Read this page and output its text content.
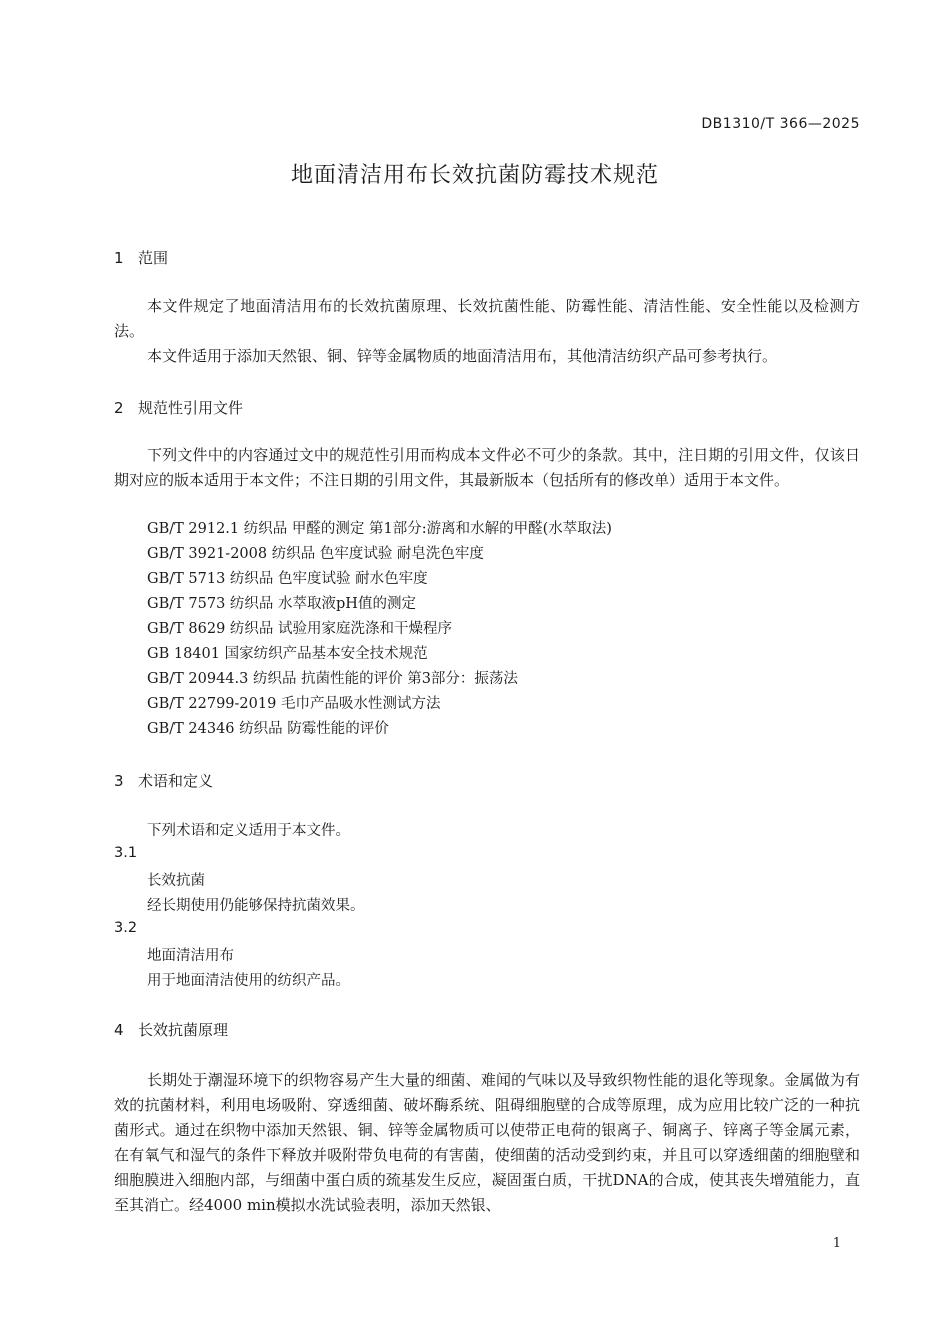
DB1310/T 366—2025
地面清洁用布长效抗菌防霉技术规范
1 范围
本文件规定了地面清洁用布的长效抗菌原理、长效抗菌性能、防霉性能、清洁性能、安全性能以及检测方法。
本文件适用于添加天然银、铜、锌等金属物质的地面清洁用布，其他清洁纺织产品可参考执行。
2 规范性引用文件
下列文件中的内容通过文中的规范性引用而构成本文件必不可少的条款。其中，注日期的引用文件，仅该日期对应的版本适用于本文件；不注日期的引用文件，其最新版本（包括所有的修改单）适用于本文件。
GB/T 2912.1 纺织品 甲醛的测定 第1部分:游离和水解的甲醛(水萃取法)
GB/T 3921-2008 纺织品 色牢度试验 耐皂洗色牢度
GB/T 5713 纺织品 色牢度试验 耐水色牢度
GB/T 7573 纺织品 水萃取液pH值的测定
GB/T 8629 纺织品 试验用家庭洗涤和干燥程序
GB 18401 国家纺织产品基本安全技术规范
GB/T 20944.3 纺织品 抗菌性能的评价 第3部分：振荡法
GB/T 22799-2019 毛巾产品吸水性测试方法
GB/T 24346 纺织品 防霉性能的评价
3 术语和定义
下列术语和定义适用于本文件。
3.1
长效抗菌
经长期使用仍能够保持抗菌效果。
3.2
地面清洁用布
用于地面清洁使用的纺织产品。
4 长效抗菌原理
长期处于潮湿环境下的织物容易产生大量的细菌、难闻的气味以及导致织物性能的退化等现象。金属做为有效的抗菌材料，利用电场吸附、穿透细菌、破坏酶系统、阻碍细胞壁的合成等原理，成为应用比较广泛的一种抗菌形式。通过在织物中添加天然银、铜、锌等金属物质可以使带正电荷的银离子、铜离子、锌离子等金属元素，在有氧气和湿气的条件下释放并吸附带负电荷的有害菌，使细菌的活动受到约束，并且可以穿透细菌的细胞壁和细胞膜进入细胞内部，与细菌中蛋白质的巯基发生反应，凝固蛋白质，干扰DNA的合成，使其丧失增殖能力，直至其消亡。经4000 min模拟水洗试验表明，添加天然银、
1
